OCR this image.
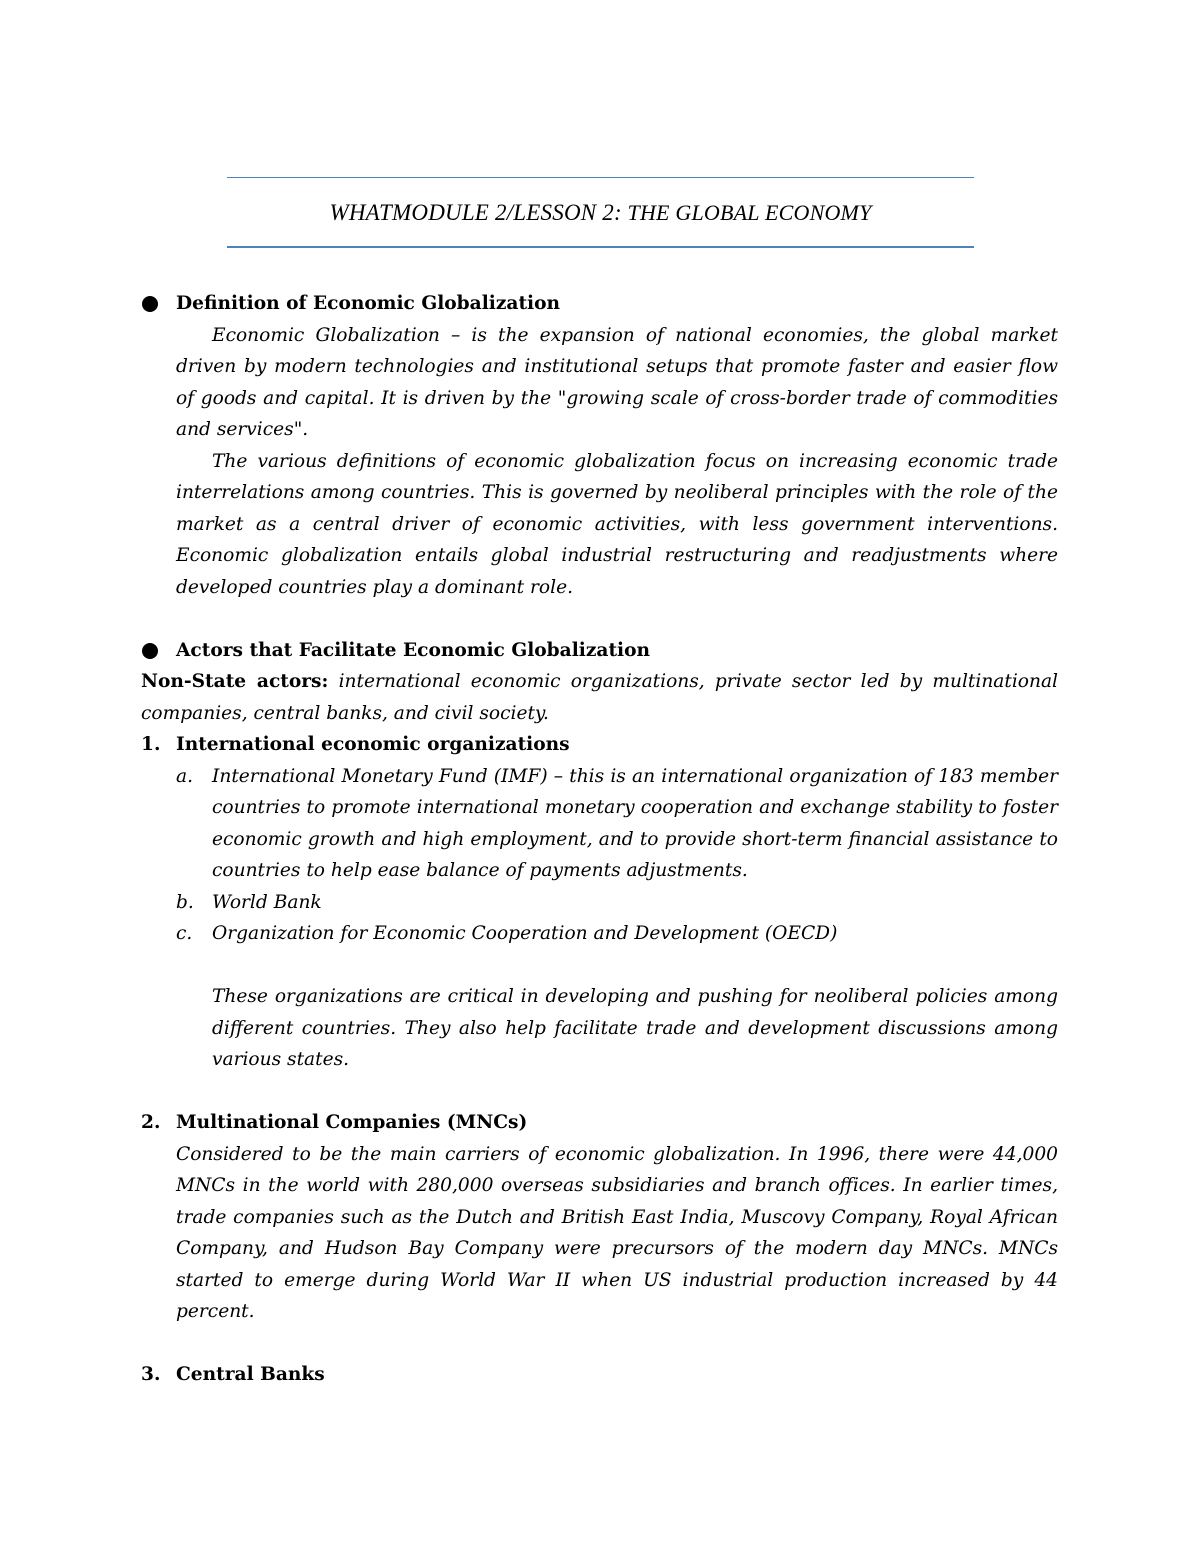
WHATMODULE 2/LESSON 2: THE GLOBAL ECONOMY
Definition of Economic Globalization
Economic Globalization – is the expansion of national economies, the global market driven by modern technologies and institutional setups that promote faster and easier flow of goods and capital. It is driven by the "growing scale of cross-border trade of commodities and services".
The various definitions of economic globalization focus on increasing economic trade interrelations among countries. This is governed by neoliberal principles with the role of the market as a central driver of economic activities, with less government interventions. Economic globalization entails global industrial restructuring and readjustments where developed countries play a dominant role.
Actors that Facilitate Economic Globalization
Non-State actors: international economic organizations, private sector led by multinational companies, central banks, and civil society.
1. International economic organizations
a. International Monetary Fund (IMF) – this is an international organization of 183 member countries to promote international monetary cooperation and exchange stability to foster economic growth and high employment, and to provide short-term financial assistance to countries to help ease balance of payments adjustments.
b. World Bank
c. Organization for Economic Cooperation and Development (OECD)
These organizations are critical in developing and pushing for neoliberal policies among different countries. They also help facilitate trade and development discussions among various states.
2. Multinational Companies (MNCs)
Considered to be the main carriers of economic globalization. In 1996, there were 44,000 MNCs in the world with 280,000 overseas subsidiaries and branch offices. In earlier times, trade companies such as the Dutch and British East India, Muscovy Company, Royal African Company, and Hudson Bay Company were precursors of the modern day MNCs. MNCs started to emerge during World War II when US industrial production increased by 44 percent.
3. Central Banks
